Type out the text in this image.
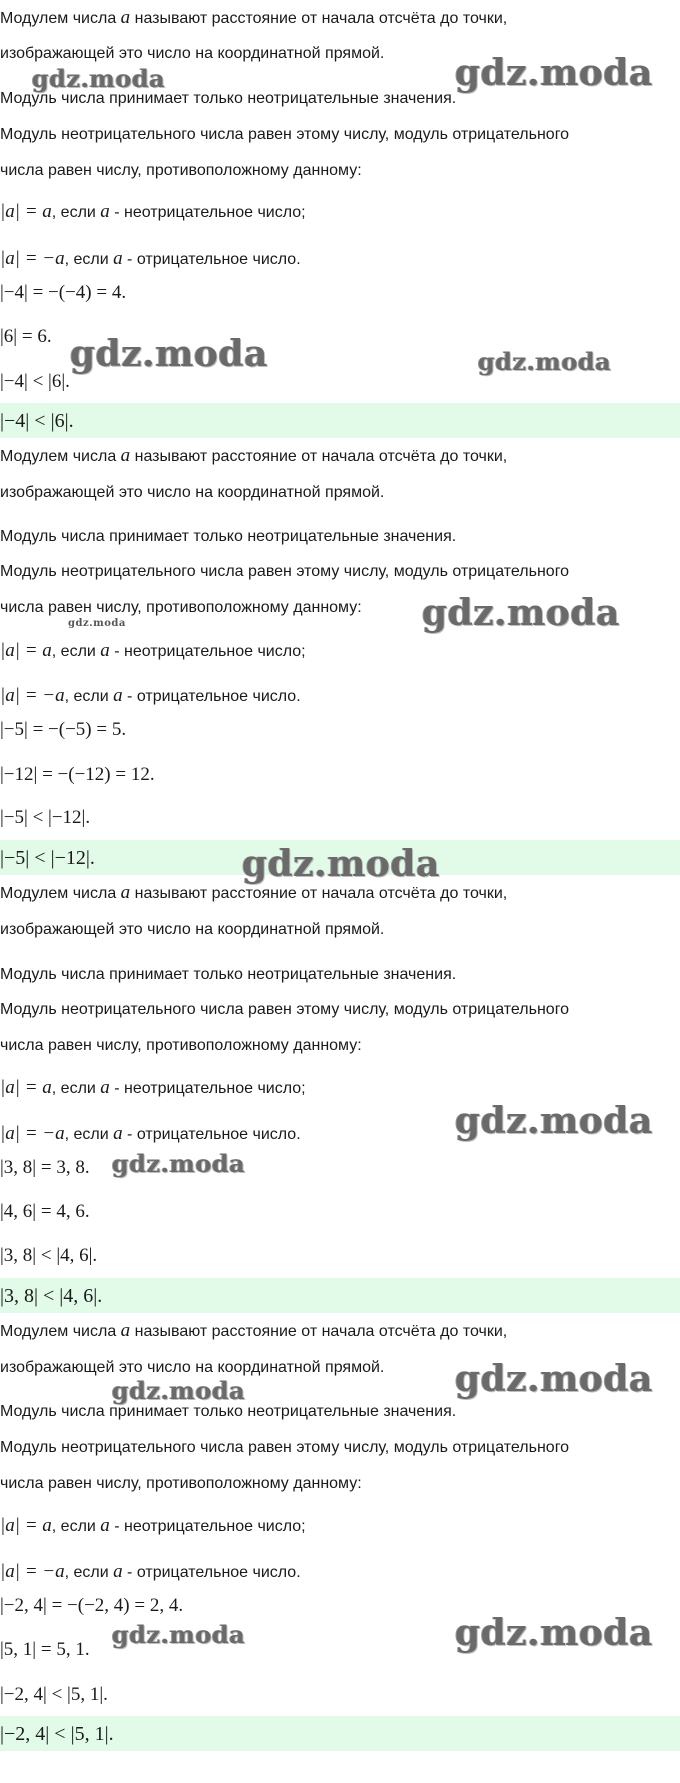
Модулем числа a называют расстояние от начала отсчёта до точки,
изображающей это число на координатной прямой.
Модуль числа принимает только неотрицательные значения.
Модуль неотрицательного числа равен этому числу, модуль отрицательного
числа равен числу, противоположному данному:
|a| = a, если a - неотрицательное число;
|a| = −a, если a - отрицательное число.
|−4| = −(−4) = 4.
|6| = 6.
|−4| < |6|.
|−4| < |6|.
Модулем числа a называют расстояние от начала отсчёта до точки,
изображающей это число на координатной прямой.
Модуль числа принимает только неотрицательные значения.
Модуль неотрицательного числа равен этому числу, модуль отрицательного
числа равен числу, противоположному данному:
|a| = a, если a - неотрицательное число;
|a| = −a, если a - отрицательное число.
|−5| = −(−5) = 5.
|−12| = −(−12) = 12.
|−5| < |−12|.
|−5| < |−12|.
Модулем числа a называют расстояние от начала отсчёта до точки,
изображающей это число на координатной прямой.
Модуль числа принимает только неотрицательные значения.
Модуль неотрицательного числа равен этому числу, модуль отрицательного
числа равен числу, противоположному данному:
|a| = a, если a - неотрицательное число;
|a| = −a, если a - отрицательное число.
|3, 8| = 3, 8.
|4, 6| = 4, 6.
|3, 8| < |4, 6|.
|3, 8| < |4, 6|.
Модулем числа a называют расстояние от начала отсчёта до точки,
изображающей это число на координатной прямой.
Модуль числа принимает только неотрицательные значения.
Модуль неотрицательного числа равен этому числу, модуль отрицательного
числа равен числу, противоположному данному:
|a| = a, если a - неотрицательное число;
|a| = −a, если a - отрицательное число.
|−2, 4| = −(−2, 4) = 2, 4.
|5, 1| = 5, 1.
|−2, 4| < |5, 1|.
|−2, 4| < |5, 1|.
gdz.moda	gdz.moda
gdz.moda	gdz.moda
gdz.moda
gdz.moda
gdz.moda
gdz.moda
gdz.moda
gdz.moda
gdz.moda
gdz.moda	gdz.moda
